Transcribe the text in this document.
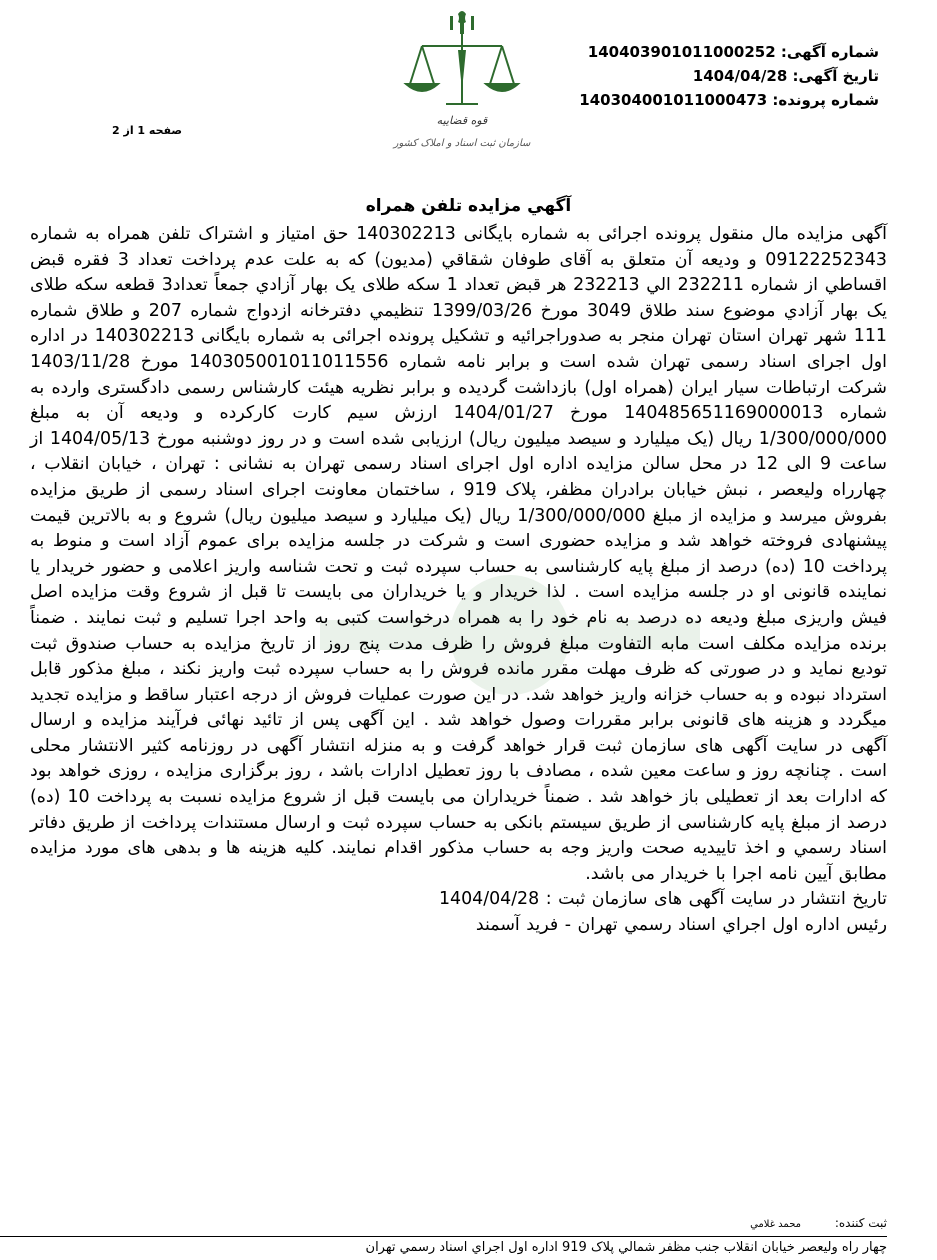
شماره آگهی: 14040390101100025​2
تاریخ آگهی: 1404/04/28
شماره پرونده: 14030400101100047​3
صفحه 1 از 2
قوه قضاییه
سازمان ثبت اسناد و املاک کشور
آگهي مزايده تلفن همراه

آگهی مزایده مال منقول پرونده اجرائی به شماره بایگانی 140302213 حق امتیاز و اشتراک تلفن همراه به شماره 09122252343 و ودیعه آن متعلق به آقای طوفان شقاقي (مديون) که به علت عدم پرداخت تعداد 3 فقره قبض اقساطي از شماره 232211 الي 232213 هر قبض تعداد 1 سکه طلای یک بهار آزادي جمعاً تعداد3 قطعه سکه طلای یک بهار آزادي موضوع سند طلاق 3049 مورخ 1399/03/26 تنظيمي دفترخانه ازدواج شماره 207 و طلاق شماره 111 شهر تهران استان تهران منجر به صدوراجرائیه و تشکیل پرونده اجرائی به شماره بایگانی 140302213 در اداره اول اجرای اسناد رسمی تهران شده است و برابر نامه شماره 14030500101101155​6 مورخ 1403/11/28 شرکت ارتباطات سیار ایران (همراه اول) بازداشت گردیده و برابر نظریه هیئت کارشناس رسمی دادگستری وارده به شماره 14048565116900001​3 مورخ 1404/01/27 ارزش سیم کارت کارکرده و ودیعه آن به مبلغ 1/300/000/000 ریال (یک میلیارد و سیصد میلیون ریال) ارزیابی شده است و در روز دوشنبه مورخ 1404/05/13 از ساعت 9 الی 12 در محل سالن مزایده اداره اول اجرای اسناد رسمی تهران به نشانی : تهران ، خیابان انقلاب ، چهارراه ولیعصر ، نبش خیابان برادران مظفر، پلاک 919 ، ساختمان معاونت اجرای اسناد رسمی از طریق مزایده بفروش میرسد و مزایده از مبلغ 1/300/000/000 ریال (یک میلیارد و سیصد میلیون ریال) شروع و به بالاترین قیمت پیشنهادی فروخته خواهد شد و مزایده حضوری است و شرکت در جلسه مزایده برای عموم آزاد است و منوط به پرداخت 10 (ده) درصد از مبلغ پایه کارشناسی به حساب سپرده ثبت و تحت شناسه واریز اعلامی و حضور خریدار یا نماینده قانونی او در جلسه مزایده است . لذا خریدار و یا خریداران می بایست تا قبل از شروع وقت مزایده اصل فیش واریزی مبلغ ودیعه ده درصد به نام خود را به همراه درخواست کتبی به واحد اجرا تسلیم و ثبت نمایند . ضمناً برنده مزایده مکلف است مابه التفاوت مبلغ فروش را ظرف مدت پنج روز از تاریخ مزایده به حساب صندوق ثبت تودیع نماید و در صورتی که ظرف مهلت مقرر مانده فروش را به حساب سپرده ثبت واریز نکند ، مبلغ مذکور قابل استرداد نبوده و به حساب خزانه واریز خواهد شد. در این صورت عملیات فروش از درجه اعتبار ساقط و مزایده تجدید میگردد و هزینه های قانونی برابر مقررات وصول خواهد شد . این آگهی پس از تائید نهائی فرآیند مزایده و ارسال آگهی در سایت آگهی های سازمان ثبت قرار خواهد گرفت و به منزله انتشار آگهی در روزنامه کثیر الانتشار محلی است . چنانچه روز و ساعت معین شده ، مصادف با روز تعطیل ادارات باشد ، روز برگزاری مزایده ، روزی خواهد بود که ادارات بعد از تعطیلی باز خواهد شد . ضمناً خریداران می بایست قبل از شروع مزایده نسبت به پرداخت 10 (ده) درصد از مبلغ پایه کارشناسی از طریق سیستم بانکی به حساب سپرده ثبت و ارسال مستندات پرداخت از طریق دفاتر اسناد رسمي و اخذ تاييديه صحت واريز وجه به حساب مذکور اقدام نمایند. کلیه هزینه ها و بدهی های مورد مزایده مطابق آیین نامه اجرا با خریدار می باشد.

تاریخ انتشار در سایت آگهی های سازمان ثبت : 1404/04/28

رئيس اداره اول اجراي اسناد رسمي تهران - فريد آسمند

ثبت کننده: محمد غلامي
چهار راه وليعصر خيابان انقلاب جنب مظفر شمالي پلاک 919 اداره اول اجراي اسناد رسمي تهران
